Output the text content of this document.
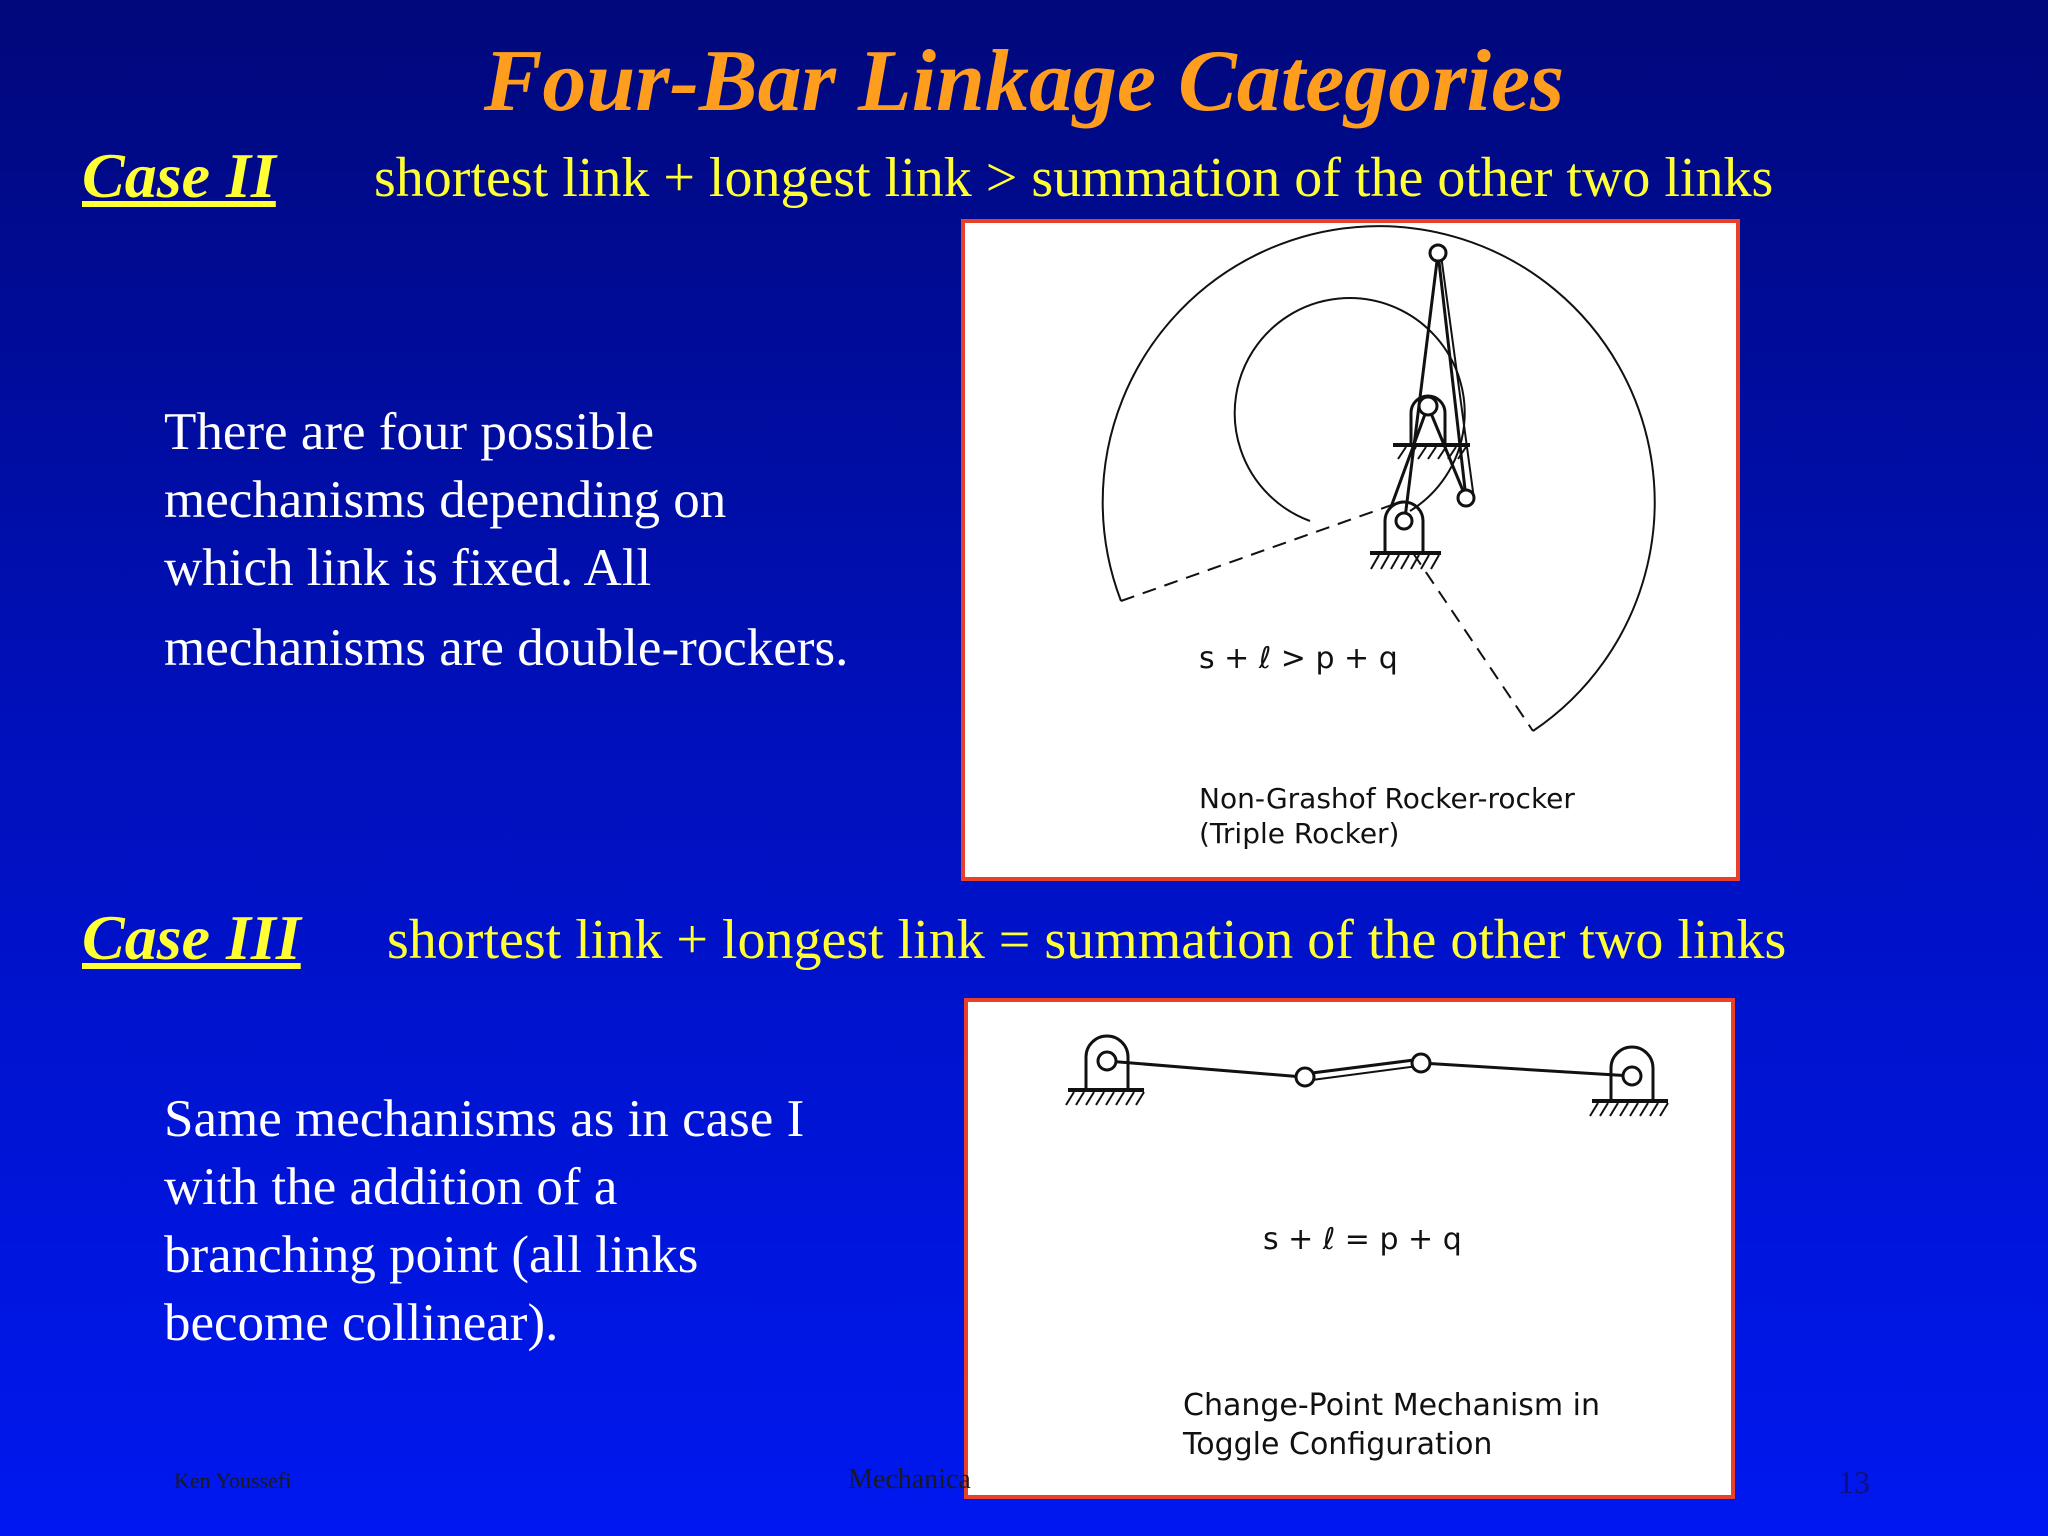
Four-Bar Linkage Categories
Case II shortest link + longest link > summation of the other two links
There are four possible
mechanisms depending on
which link is fixed. All
mechanisms are double-rockers.	s + ℓ > p + q
Non-Grashof Rocker-rocker
(Triple Rocker)
Case III shortest link + longest link = summation of the other two links
Same mechanisms as in case I
with the addition of a
branching point (all links
become collinear).
s + ℓ = p + q
Change-Point Mechanism in
Toggle Configuration
Ken Youssefi	Mechanica	13
